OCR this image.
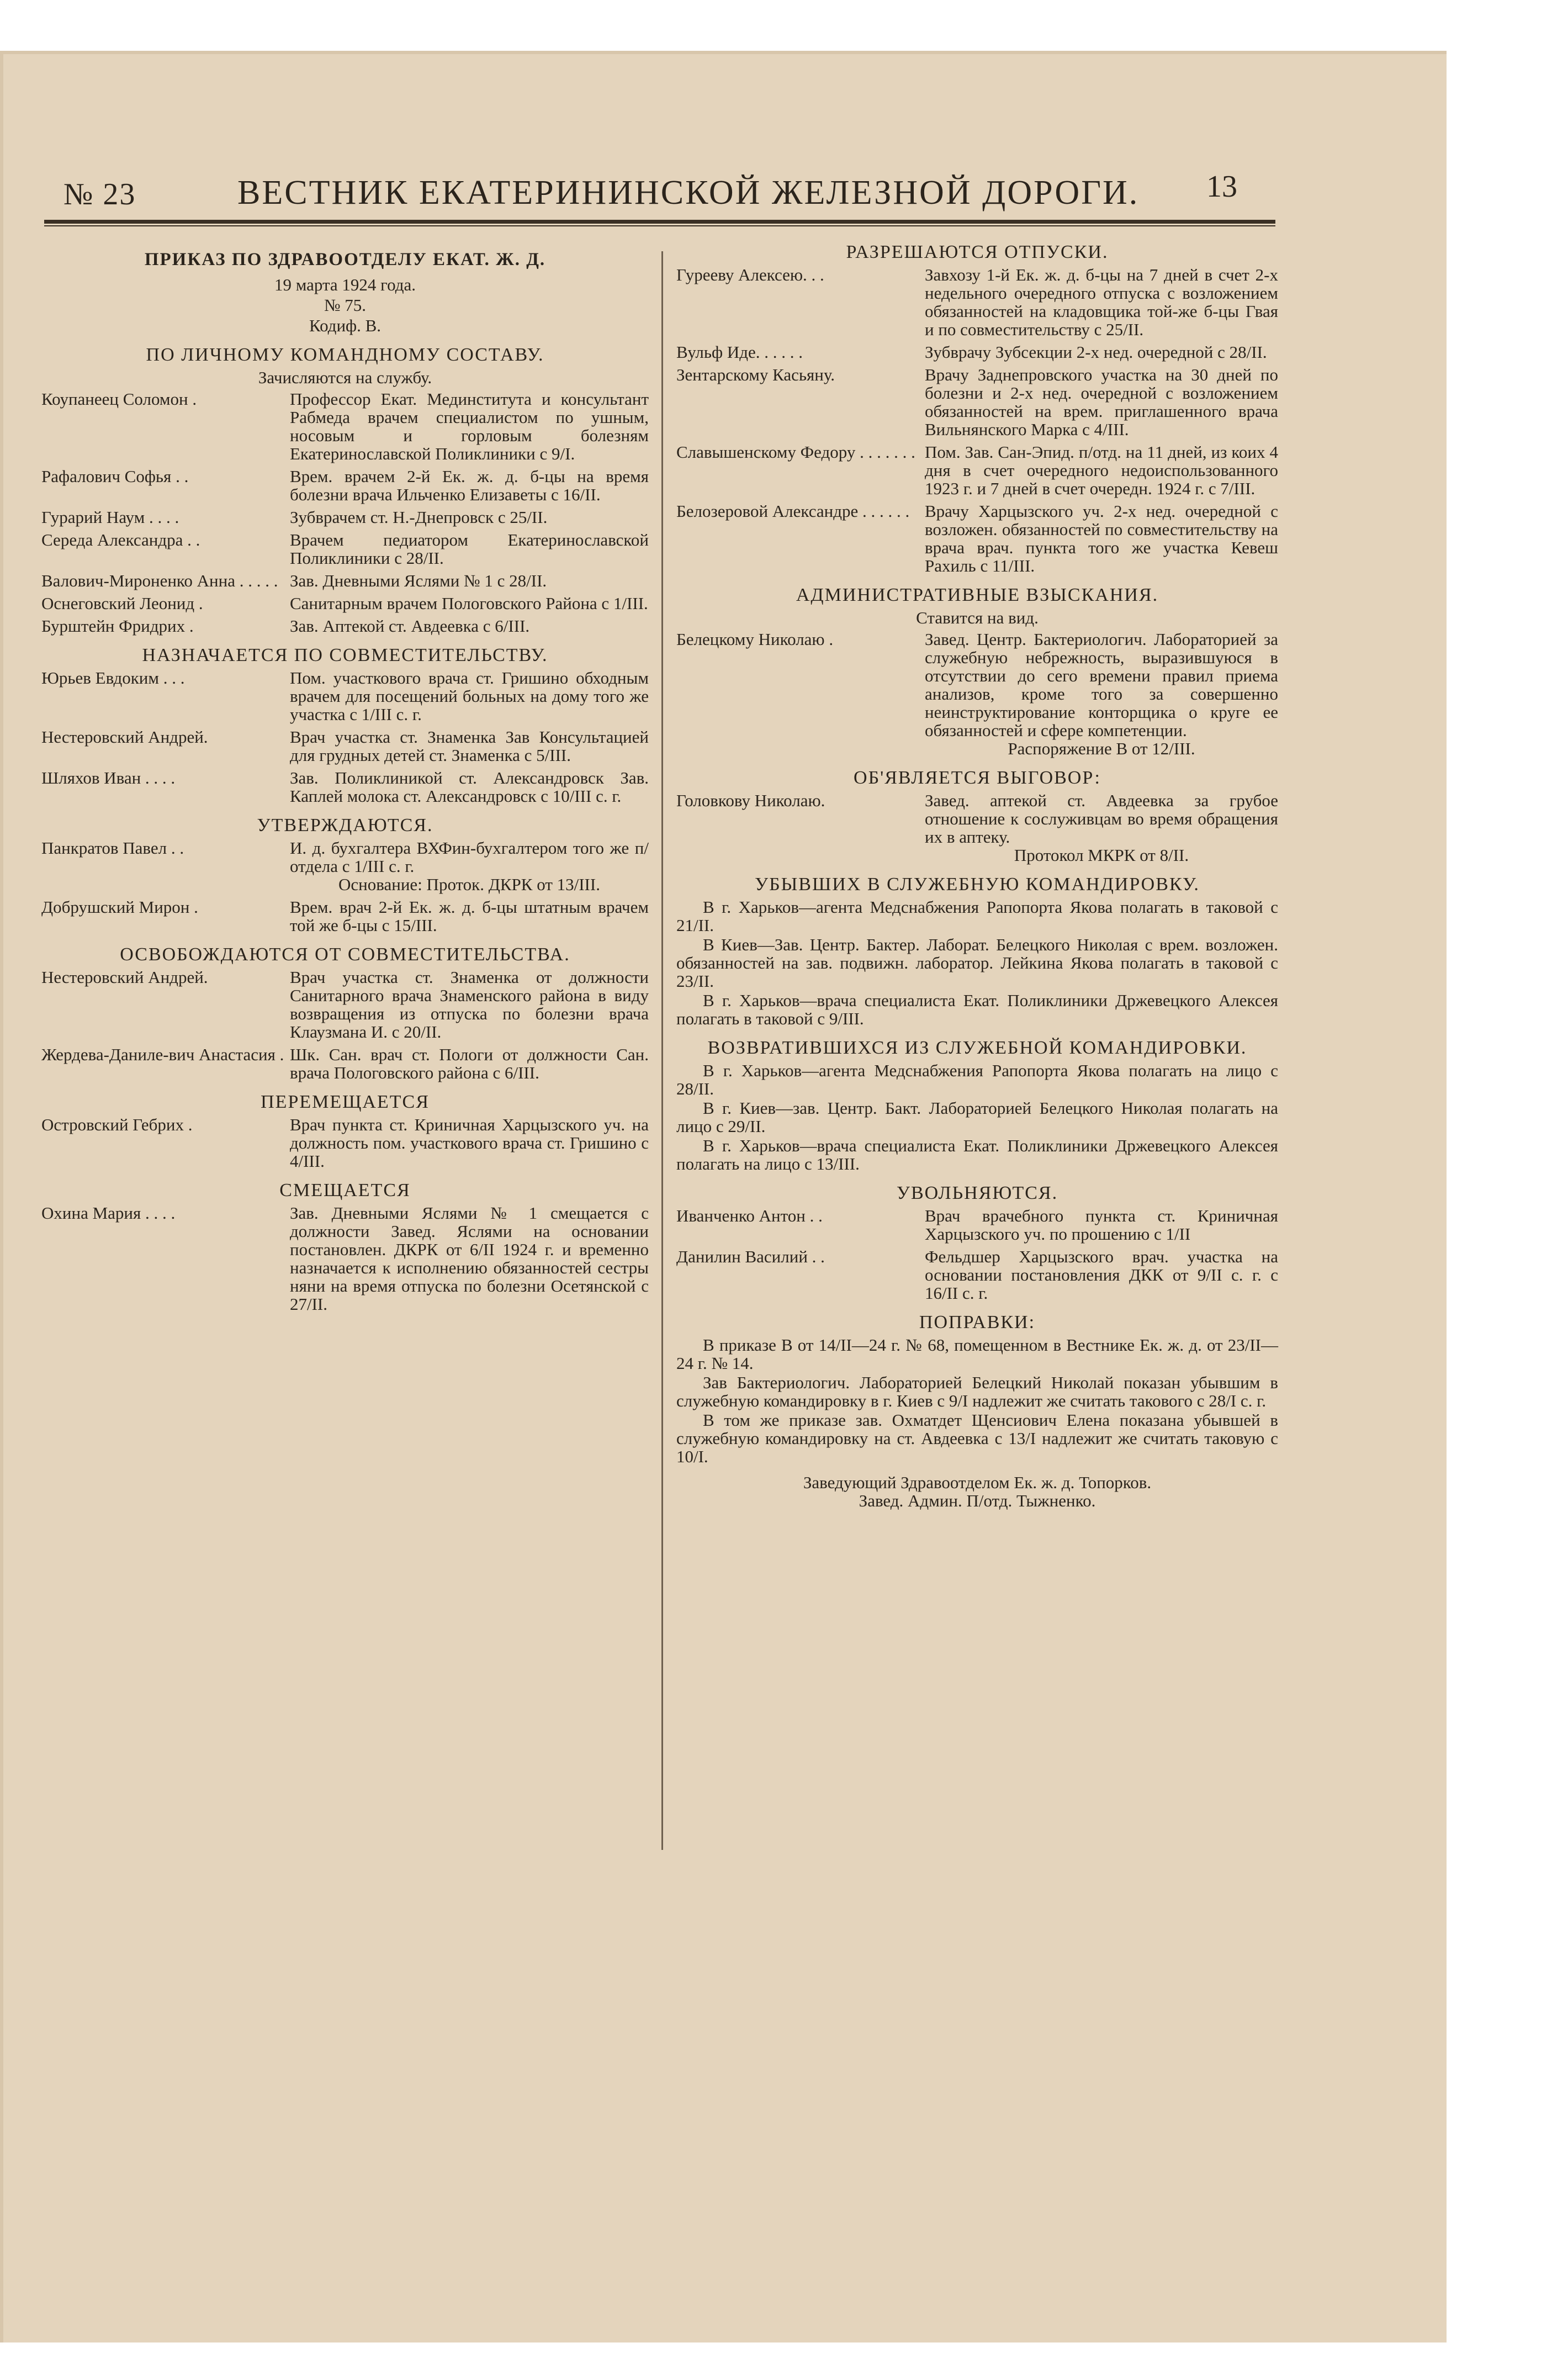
№ 23	ВЕСТНИК ЕКАТЕРИНИНСКОЙ ЖЕЛЕЗНОЙ ДОРОГИ. 13
ПРИКАЗ ПО ЗДРАВООТДЕЛУ ЕКАТ. Ж. Д.
19 марта 1924 года.
№ 75.
Кодиф. В.
ПО ЛИЧНОМУ КОМАНДНОМУ СОСТАВУ.
Зачисляются на службу.
Коупанеец Соломон .	Профессор Екат. Мединститута и консультант Рабмеда врачем специалистом по ушным, носовым и горловым болезням Екатеринославской Поликлиники с 9/I.
Рафалович Софья . .	Врем. врачем 2-й Ек. ж. д. б-цы на время болезни врача Ильченко Елизаветы с 16/II.
Гурарий Наум . . . .	Зубврачем ст. Н.-Днепровск с 25/II.
Середа Александра . .	Врачем педиатором Екатеринославской Поликлиники с 28/II.
Валович-Мироненко Анна . . . . . Зав. Дневными Яслями № 1 с 28/II.
Оснеговский Леонид .	Санитарным врачем Пологовского Района с 1/III.
Бурштейн Фридрих .	Зав. Аптекой ст. Авдеевка с 6/III.
НАЗНАЧАЕТСЯ ПО СОВМЕСТИТЕЛЬСТВУ.
Юрьев Евдоким . . .	Пом. участкового врача ст. Гришино обходным врачем для посещений больных на дому того же участка с 1/III с. г.
Нестеровский Андрей.	Врач участка ст. Знаменка Зав Консультацией для грудных детей ст. Знаменка с 5/III.
Шляхов Иван . . . .	Зав. Поликлиникой ст. Александровск Зав. Каплей молока ст. Александровск с 10/III с. г.
УТВЕРЖДАЮТСЯ.
Панкратов Павел . .	И. д. бухгалтера ВХФин-бухгалтером того же п/отдела с 1/III с. г.
Основание: Проток. ДКРК от 13/III.
Добрушский Мирон .	Врем. врач 2-й Ек. ж. д. б-цы штатным врачем той же б-цы с 15/III.
ОСВОБОЖДАЮТСЯ ОТ СОВМЕСТИТЕЛЬСТВА.
Нестеровский Андрей.	Врач участка ст. Знаменка от должности Санитарного врача Знаменского района в виду возвращения из отпуска по болезни врача Клаузмана И. с 20/II.
Жердева-Даниле-вич Анастасия . Шк. Сан. врач ст. Пологи от должности Сан. врача Пологовского района с 6/III.
ПЕРЕМЕЩАЕТСЯ
Островский Гебрих .	Врач пункта ст. Криничная Харцызского уч. на должность пом. участкового врача ст. Гришино с 4/III.
СМЕЩАЕТСЯ
Охина Мария . . . .	Зав. Дневными Яслями № 1 смещается с должности Завед. Яслями на основании постановлен. ДКРК от 6/II 1924 г. и временно назначается к исполнению обязанностей сестры няни на время отпуска по болезни Осетянской с 27/II.
РАЗРЕШАЮТСЯ ОТПУСКИ.
Гурееву Алексею. . .	Завхозу 1-й Ек. ж. д. б-цы на 7 дней в счет 2-х недельного очередного отпуска с возложением обязанностей на кладовщика той-же б-цы Гвая и по совместительству с 25/II.
Вульф Иде. . . . . .	Зубврачу Зубсекции 2-х нед. очередной с 28/II.
Зентарскому Касьяну.	Врачу Заднепровского участка на 30 дней по болезни и 2-х нед. очередной с возложением обязанностей на врем. приглашенного врача Вильнянского Марка с 4/III.
Славышенскому Федору . . . . . . . Пом. Зав. Сан-Эпид. п/отд. на 11 дней, из коих 4 дня в счет очередного недоиспользованного 1923 г. и 7 дней в счет очередн. 1924 г. с 7/III.
Белозеровой Александре . . . . . . Врачу Харцызского уч. 2-х нед. очередной с возложен. обязанностей по совместительству на врача врач. пункта того же участка Кевеш Рахиль с 11/III.
АДМИНИСТРАТИВНЫЕ ВЗЫСКАНИЯ.
Ставится на вид.
Белецкому Николаю .	Завед. Центр. Бактериологич. Лабораторией за служебную небрежность, выразившуюся в отсутствии до сего времени правил приема анализов, кроме того за совершенно неинструктирование конторщика о круге ее обязанностей и сфере компетенции.
Распоряжение В от 12/III.
ОБ'ЯВЛЯЕТСЯ ВЫГОВОР:
Головкову Николаю.	Завед. аптекой ст. Авдеевка за грубое отношение к сослуживцам во время обращения их в аптеку.
Протокол МКРК от 8/II.
УБЫВШИХ В СЛУЖЕБНУЮ КОМАНДИРОВКУ.
В г. Харьков—агента Медснабжения Рапопорта Якова полагать в таковой с 21/II.
В Киев—Зав. Центр. Бактер. Лаборат. Белецкого Николая с врем. возложен. обязанностей на зав. подвижн. лаборатор. Лейкина Якова полагать в таковой с 23/II.
В г. Харьков—врача специалиста Екат. Поликлиники Држевецкого Алексея полагать в таковой с 9/III.
ВОЗВРАТИВШИХСЯ ИЗ СЛУЖЕБНОЙ КОМАНДИРОВКИ.
В г. Харьков—агента Медснабжения Рапопорта Якова полагать на лицо с 28/II.
В г. Киев—зав. Центр. Бакт. Лабораторией Белецкого Николая полагать на лицо с 29/II.
В г. Харьков—врача специалиста Екат. Поликлиники Држевецкого Алексея полагать на лицо с 13/III.
УВОЛЬНЯЮТСЯ.
Иванченко Антон . .	Врач врачебного пункта ст. Криничная Харцызского уч. по прошению с 1/II
Данилин Василий . .	Фельдшер Харцызского врач. участка на основании постановления ДКК от 9/II с. г. с 16/II с. г.
ПОПРАВКИ:
В приказе В от 14/II—24 г. № 68, помещенном в Вестнике Ек. ж. д. от 23/II—24 г. № 14.
Зав Бактериологич. Лабораторией Белецкий Николай показан убывшим в служебную командировку в г. Киев с 9/I надлежит же считать такового с 28/I с. г.
В том же приказе зав. Охматдет Щенсиович Елена показана убывшей в служебную командировку на ст. Авдеевка с 13/I надлежит же считать таковую с 10/I.
Заведующий Здравоотделом Ек. ж. д. Топорков.
Завед. Админ. П/отд. Тыжненко.
